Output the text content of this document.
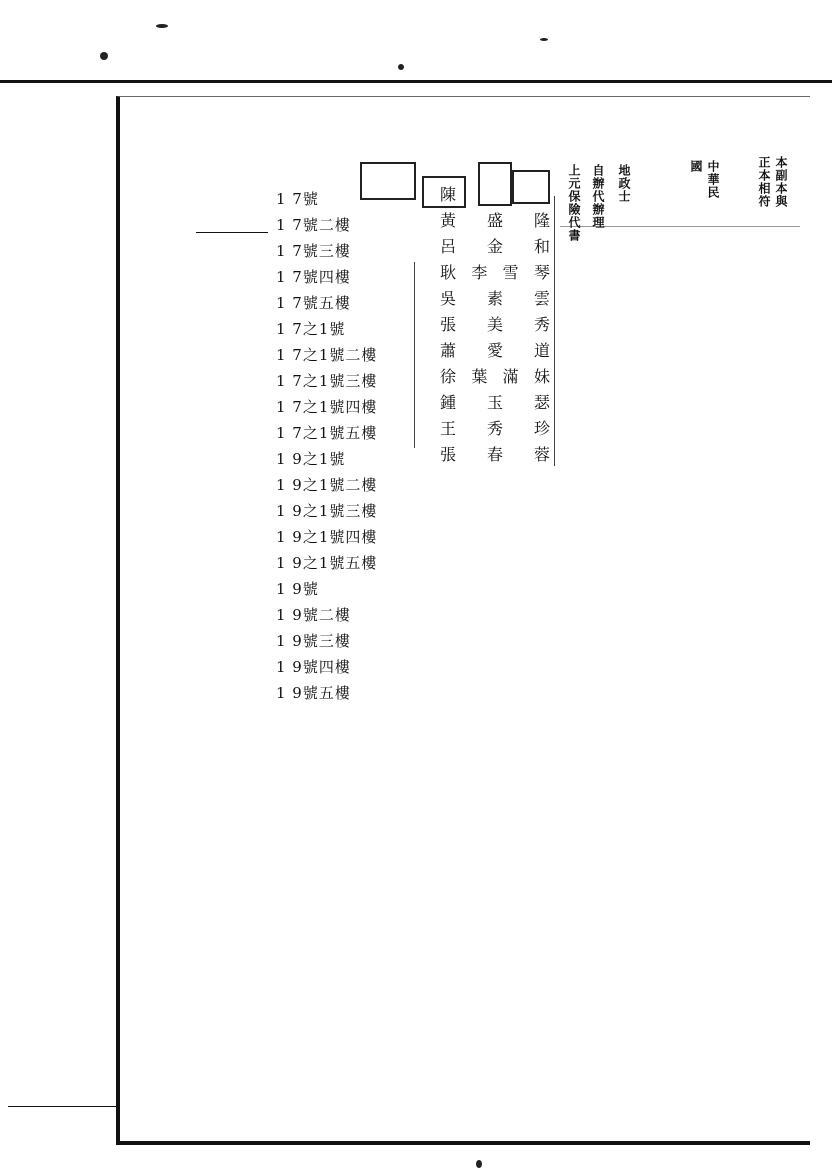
上元保險代書 自辦代辦理 地政士	中華民國	本副本與正本相符
1 7號
1 7號二樓
1 7號三樓
1 7號四樓
1 7號五樓
1 7之1號
1 7之1號二樓
1 7之1號三樓
1 7之1號四樓
1 7之1號五樓
1 9之1號
1 9之1號二樓
1 9之1號三樓
1 9之1號四樓
1 9之1號五樓
1 9號
1 9號二樓
1 9號三樓
1 9號四樓
1 9號五樓
陳
黃 盛 隆
呂 金 和
耿 李 雪 琴
吳 素 雲
張 美 秀
蕭 愛 道
徐 葉 滿 妹
鍾 玉 瑟
王 秀 珍
張 春 蓉
